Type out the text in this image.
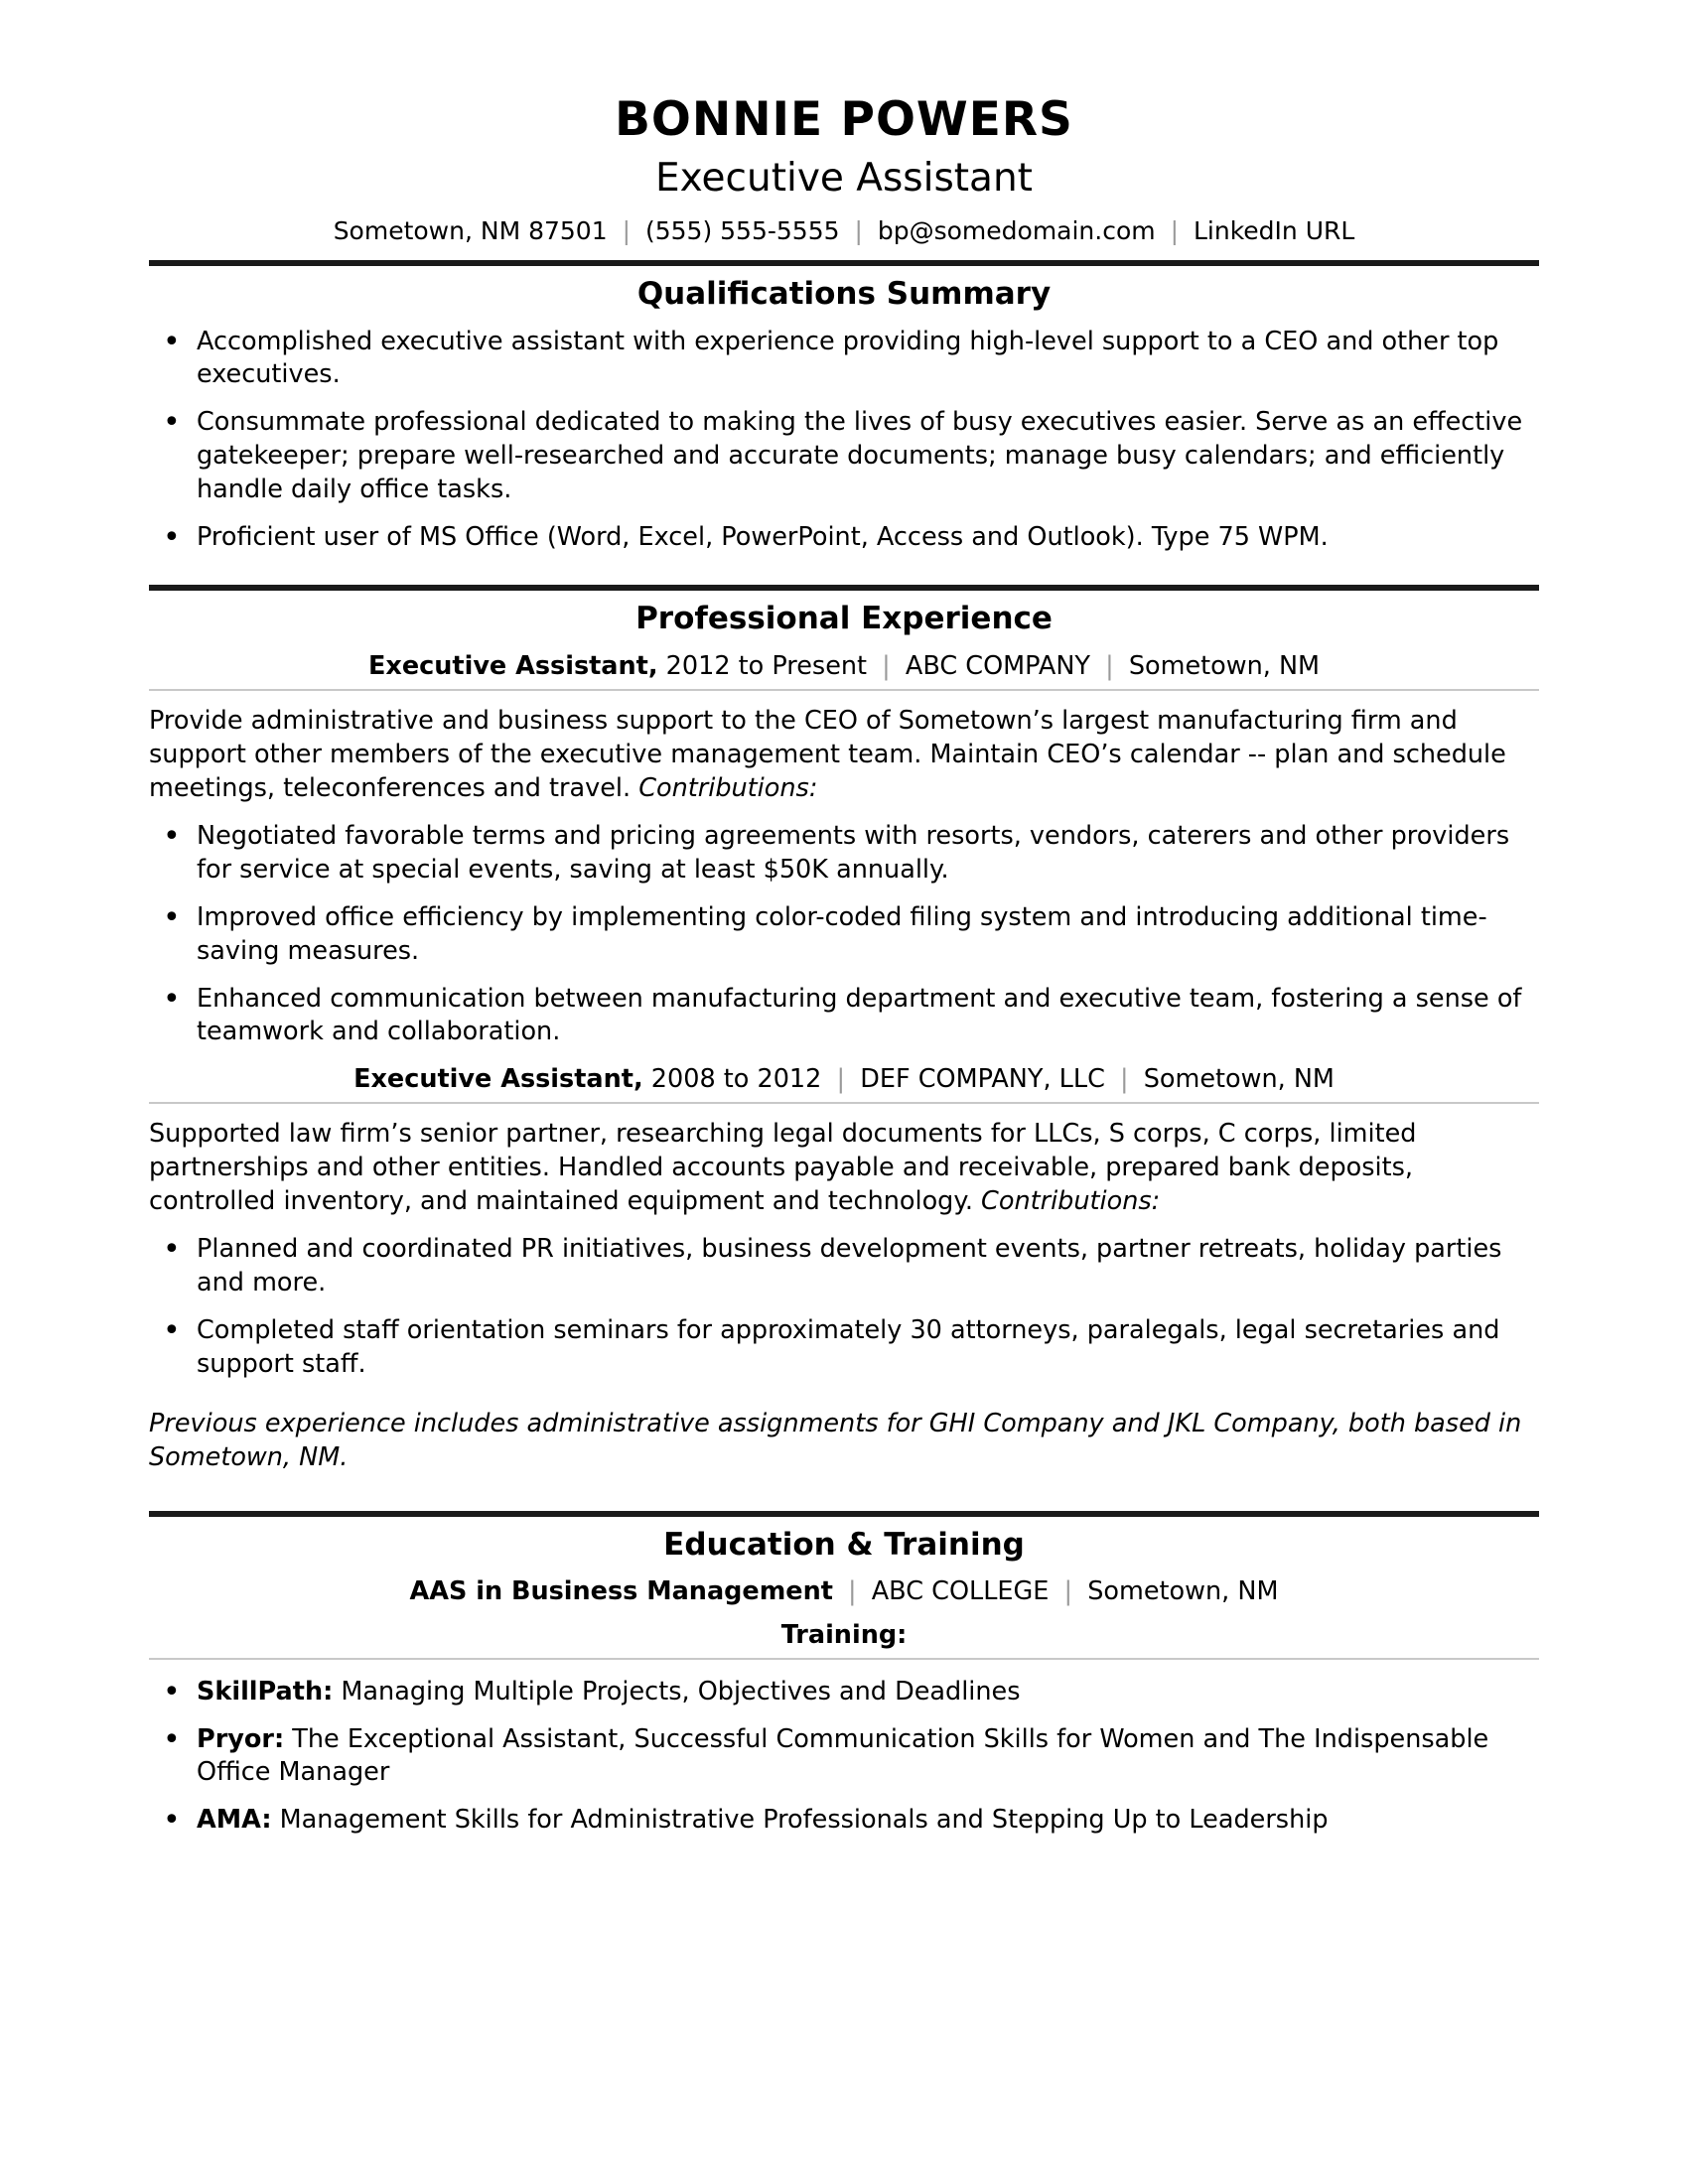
BONNIE POWERS
Executive Assistant
Sometown, NM 87501 | (555) 555-5555 | bp@somedomain.com | LinkedIn URL
Qualifications Summary
• Accomplished executive assistant with experience providing high-level support to a CEO and other top executives.
• Consummate professional dedicated to making the lives of busy executives easier. Serve as an effective gatekeeper; prepare well-researched and accurate documents; manage busy calendars; and efficiently handle daily office tasks.
• Proficient user of MS Office (Word, Excel, PowerPoint, Access and Outlook). Type 75 WPM.
Professional Experience
Executive Assistant, 2012 to Present | ABC COMPANY | Sometown, NM

Provide administrative and business support to the CEO of Sometown’s largest manufacturing firm and support other members of the executive management team. Maintain CEO’s calendar -- plan and schedule meetings, teleconferences and travel. Contributions:

• Negotiated favorable terms and pricing agreements with resorts, vendors, caterers and other providers for service at special events, saving at least $50K annually.
• Improved office efficiency by implementing color-coded filing system and introducing additional time-saving measures.
• Enhanced communication between manufacturing department and executive team, fostering a sense of teamwork and collaboration.
Executive Assistant, 2008 to 2012 | DEF COMPANY, LLC | Sometown, NM

Supported law firm’s senior partner, researching legal documents for LLCs, S corps, C corps, limited partnerships and other entities. Handled accounts payable and receivable, prepared bank deposits, controlled inventory, and maintained equipment and technology. Contributions:

• Planned and coordinated PR initiatives, business development events, partner retreats, holiday parties and more.
• Completed staff orientation seminars for approximately 30 attorneys, paralegals, legal secretaries and support staff.

Previous experience includes administrative assignments for GHI Company and JKL Company, both based in Sometown, NM.

Education & Training
AAS in Business Management | ABC COLLEGE | Sometown, NM
Training:
• SkillPath: Managing Multiple Projects, Objectives and Deadlines
• Pryor: The Exceptional Assistant, Successful Communication Skills for Women and The Indispensable Office Manager
• AMA: Management Skills for Administrative Professionals and Stepping Up to Leadership
